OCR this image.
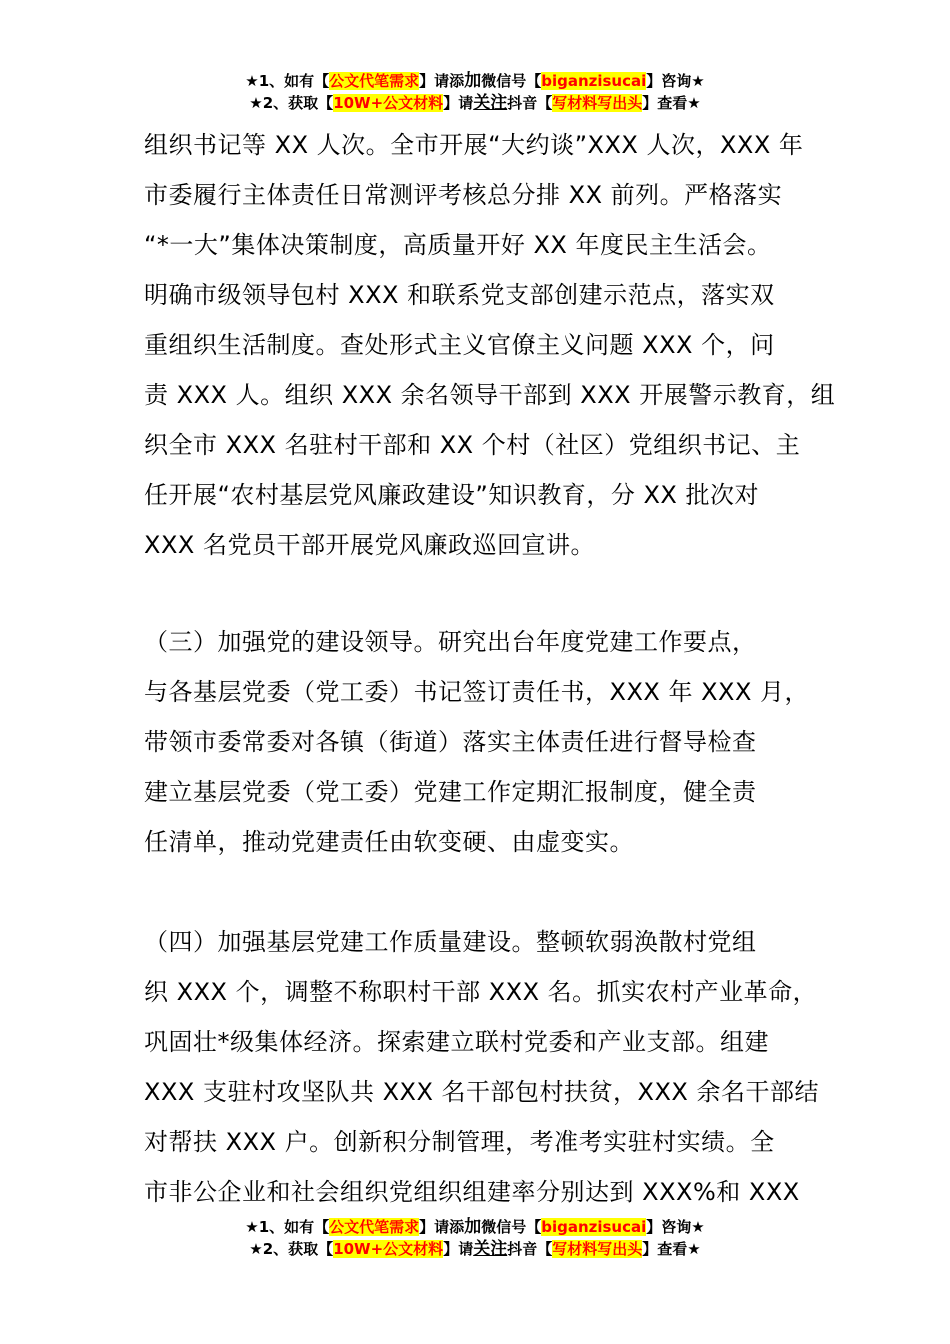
★1、如有【公文代笔需求】请添加微信号【biganzisucai】咨询★
★2、获取【10W+公文材料】请关注抖音【写材料写出头】查看★
组织书记等 XX 人次。全市开展“大约谈”XXX 人次，XXX 年
市委履行主体责任日常测评考核总分排 XX 前列。严格落实
“*一大”集体决策制度，高质量开好 XX 年度民主生活会。
明确市级领导包村 XXX 和联系党支部创建示范点，落实双
重组织生活制度。查处形式主义官僚主义问题 XXX 个，问
责 XXX 人。组织 XXX 余名领导干部到 XXX 开展警示教育，组
织全市 XXX 名驻村干部和 XX 个村（社区）党组织书记、主
任开展“农村基层党风廉政建设”知识教育，分 XX 批次对
XXX 名党员干部开展党风廉政巡回宣讲。
（三）加强党的建设领导。研究出台年度党建工作要点，
与各基层党委（党工委）书记签订责任书，XXX 年 XXX 月，
带领市委常委对各镇（街道）落实主体责任进行督导检查
建立基层党委（党工委）党建工作定期汇报制度，健全责
任清单，推动党建责任由软变硬、由虚变实。
（四）加强基层党建工作质量建设。整顿软弱涣散村党组
织 XXX 个，调整不称职村干部 XXX 名。抓实农村产业革命，
巩固壮*级集体经济。探索建立联村党委和产业支部。组建
XXX 支驻村攻坚队共 XXX 名干部包村扶贫，XXX 余名干部结
对帮扶 XXX 户。创新积分制管理，考准考实驻村实绩。全
市非公企业和社会组织党组织组建率分别达到 XXX%和 XXX
★1、如有【公文代笔需求】请添加微信号【biganzisucai】咨询★
★2、获取【10W+公文材料】请关注抖音【写材料写出头】查看★
